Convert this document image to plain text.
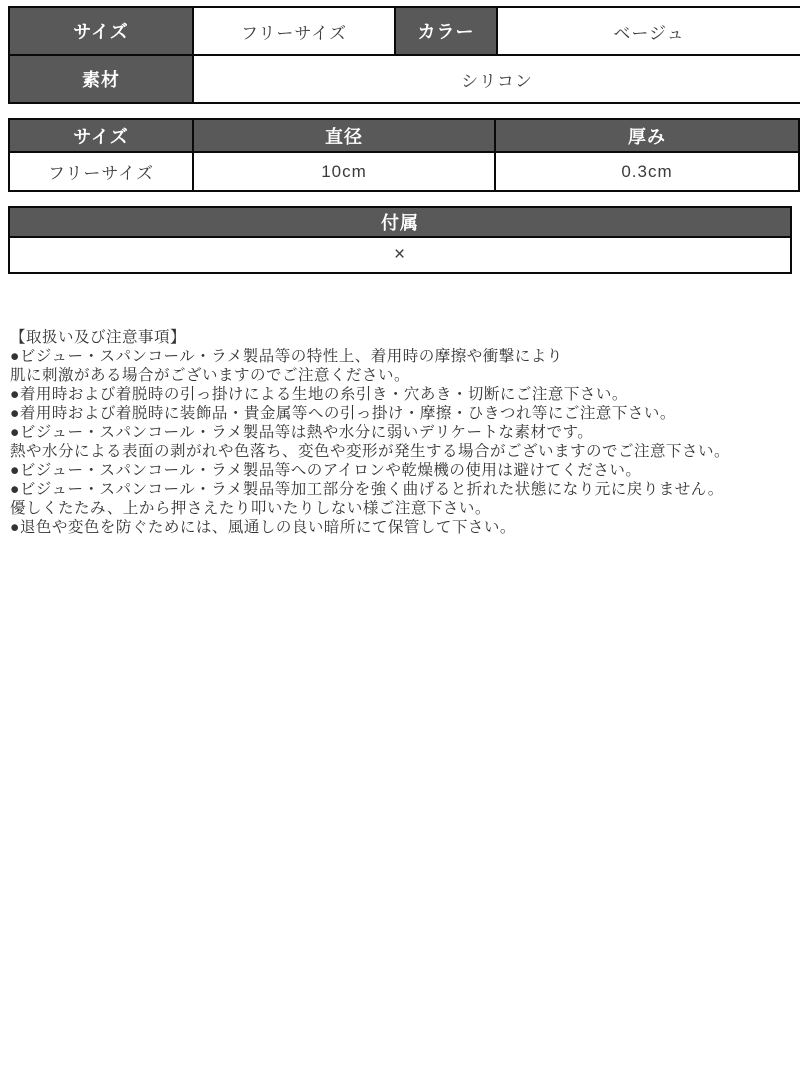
サイズ	フリーサイズ	カラー	ベージュ
素材	シリコン		
サイズ	直径	厚み
フリーサイズ	10cm	0.3cm
付属
×
【取扱い及び注意事項】
●ビジュー・スパンコール・ラメ製品等の特性上、着用時の摩擦や衝撃により
肌に刺激がある場合がございますのでご注意ください。
●着用時および着脱時の引っ掛けによる生地の糸引き・穴あき・切断にご注意下さい。
●着用時および着脱時に装飾品・貴金属等への引っ掛け・摩擦・ひきつれ等にご注意下さい。
●ビジュー・スパンコール・ラメ製品等は熱や水分に弱いデリケートな素材です。
熱や水分による表面の剥がれや色落ち、変色や変形が発生する場合がございますのでご注意下さい。
●ビジュー・スパンコール・ラメ製品等へのアイロンや乾燥機の使用は避けてください。
●ビジュー・スパンコール・ラメ製品等加工部分を強く曲げると折れた状態になり元に戻りません。
優しくたたみ、上から押さえたり叩いたりしない様ご注意下さい。
●退色や変色を防ぐためには、風通しの良い暗所にて保管して下さい。
